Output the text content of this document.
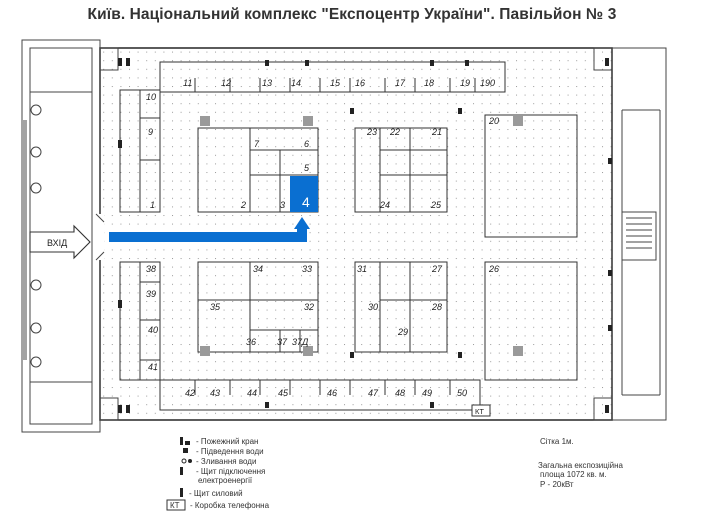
Київ. Національний комплекс "Експоцентр України". Павільйон № 3
ВХІД
4
11	12	13 14	15 16	17 18	19 190
10
9
7	6
5
1	2	3
23 22	21
24	25
20
38
39
40
41
34	33
35	32
36 37 37Д
31	27
30	28
29
26
42 43	44 45	46	47 48 49	50
КТ
- Пожежний кран
- Підведення води
- Зливання води
- Щит підключення
електроенергії
- Щит силовий
КТ - Коробка телефонна
Сітка 1м.
Загальна експозиційна
площа 1072 кв. м.
Р - 20кВт
